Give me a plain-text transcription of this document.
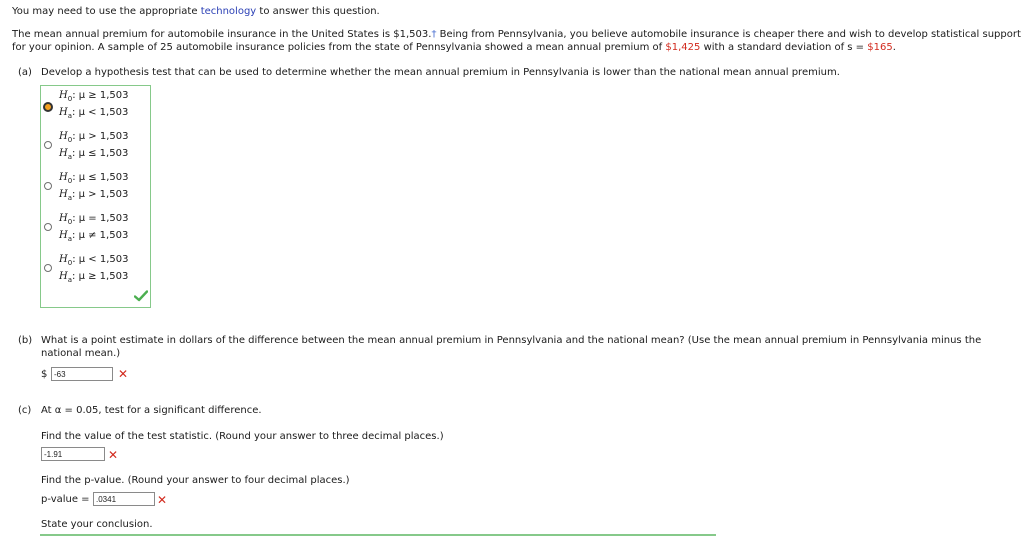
You may need to use the appropriate technology to answer this question.
The mean annual premium for automobile insurance in the United States is $1,503.† Being from Pennsylvania, you believe automobile insurance is cheaper there and wish to develop statistical support
for your opinion. A sample of 25 automobile insurance policies from the state of Pennsylvania showed a mean annual premium of $1,425 with a standard deviation of s = $165.
(a) Develop a hypothesis test that can be used to determine whether the mean annual premium in Pennsylvania is lower than the national mean annual premium.
$H_0$: μ ≥ 1,503
$H_a$: μ < 1,503
$H_0$: μ > 1,503
$H_a$: μ ≤ 1,503
$H_0$: μ ≤ 1,503
$H_a$: μ > 1,503
$H_0$: μ = 1,503
$H_a$: μ ≠ 1,503
$H_0$: μ < 1,503
$H_a$: μ ≥ 1,503
(b) What is a point estimate in dollars of the difference between the mean annual premium in Pennsylvania and the national mean? (Use the mean annual premium in Pennsylvania minus the
national mean.)
$ -63	✕
(c) At α = 0.05, test for a significant difference.
Find the value of the test statistic. (Round your answer to three decimal places.)
-1.91	✕
Find the p-value. (Round your answer to four decimal places.)
p-value = .0341	✕
State your conclusion.
